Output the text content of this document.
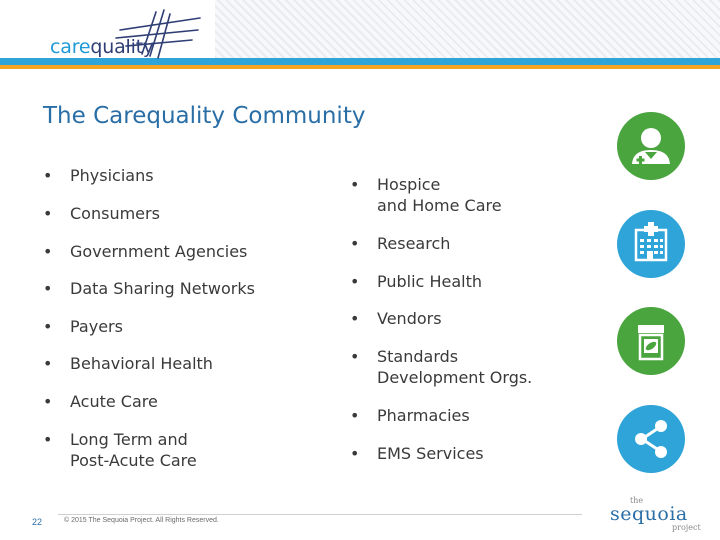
carequality
The Carequality Community
• Physicians
• Consumers
• Government Agencies
• Data Sharing Networks
• Payers
• Behavioral Health
• Acute Care
• Long Term and
Post-Acute Care
• Hospice
and Home Care
• Research
• Public Health
• Vendors
• Standards
Development Orgs.
• Pharmacies
• EMS Services
22	© 2015 The Sequoia Project. All Rights Reserved.
the
sequoia
project
